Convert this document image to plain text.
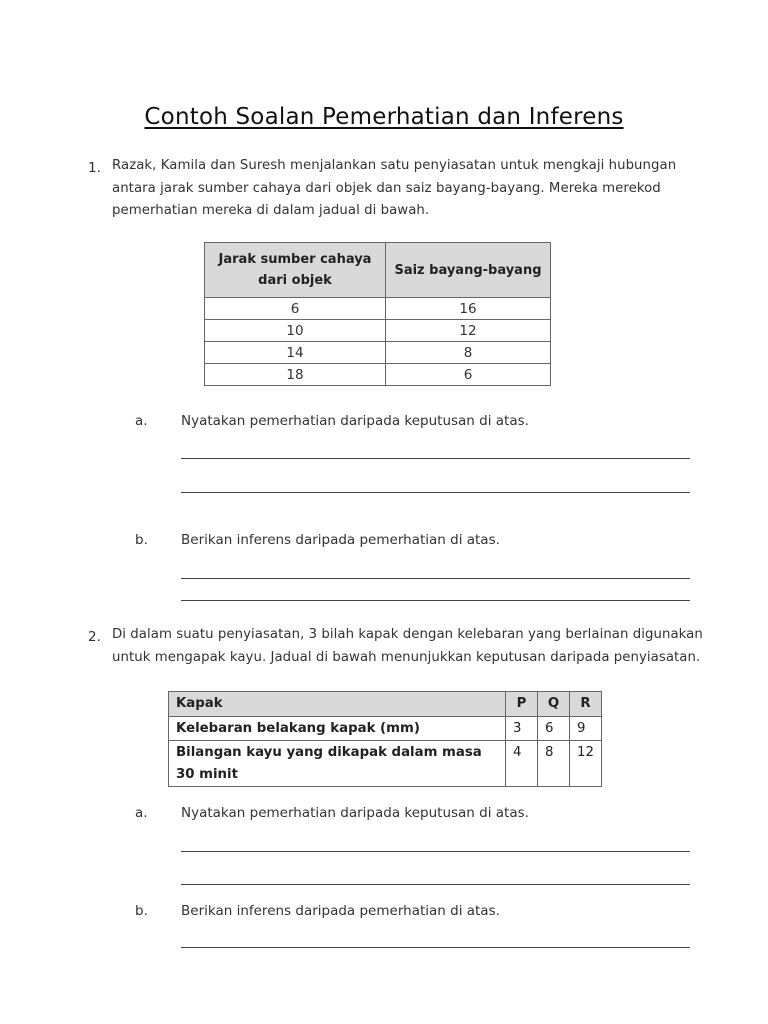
Contoh Soalan Pemerhatian dan Inferens
1. Razak, Kamila dan Suresh menjalankan satu penyiasatan untuk mengkaji hubungan
antara jarak sumber cahaya dari objek dan saiz bayang-bayang. Mereka merekod
pemerhatian mereka di dalam jadual di bawah.

Jarak sumber cahaya dari objek	Saiz bayang-bayang
6	16
10	12
14	8
18	6
a. Nyatakan pemerhatian daripada keputusan di atas.
b. Berikan inferens daripada pemerhatian di atas.
2. Di dalam suatu penyiasatan, 3 bilah kapak dengan kelebaran yang berlainan digunakan
untuk mengapak kayu. Jadual di bawah menunjukkan keputusan daripada penyiasatan.

Kapak	P	Q	R
Kelebaran belakang kapak (mm)	3	6	9
Bilangan kayu yang dikapak dalam masa 30 minit	4	8	12
a. Nyatakan pemerhatian daripada keputusan di atas.
b. Berikan inferens daripada pemerhatian di atas.
